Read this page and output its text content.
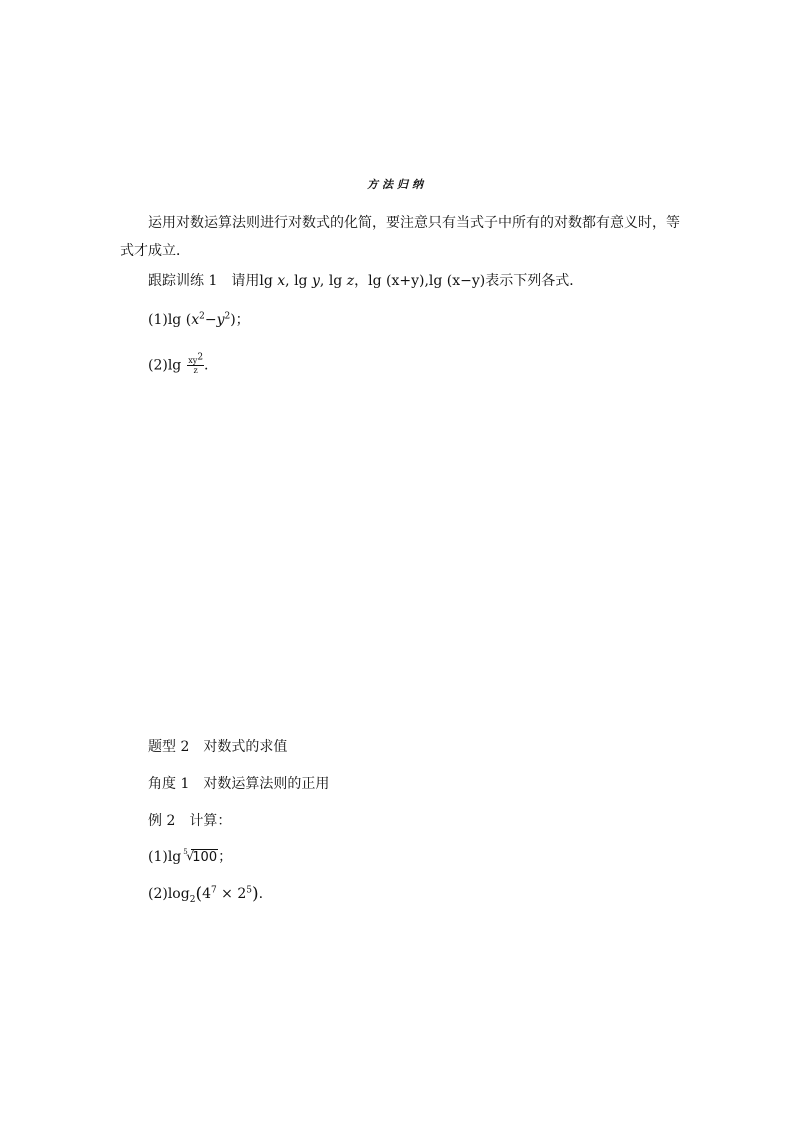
方法归纳
运用对数运算法则进行对数式的化简，要注意只有当式子中所有的对数都有意义时，等式才成立．
跟踪训练 1 请用lg x, lg y, lg z，lg (x+y),lg (x−y)表示下列各式．
(1)lg $(x^2-y^2)$；
$(2)\lg \frac{xy^2}{z}$ .
题型 2 对数式的求值
角度 1 对数运算法则的正用
例 2 计算：
(1)lg 5
√
100；
$(2)\log_2(4^7 \times 2^5)$.
